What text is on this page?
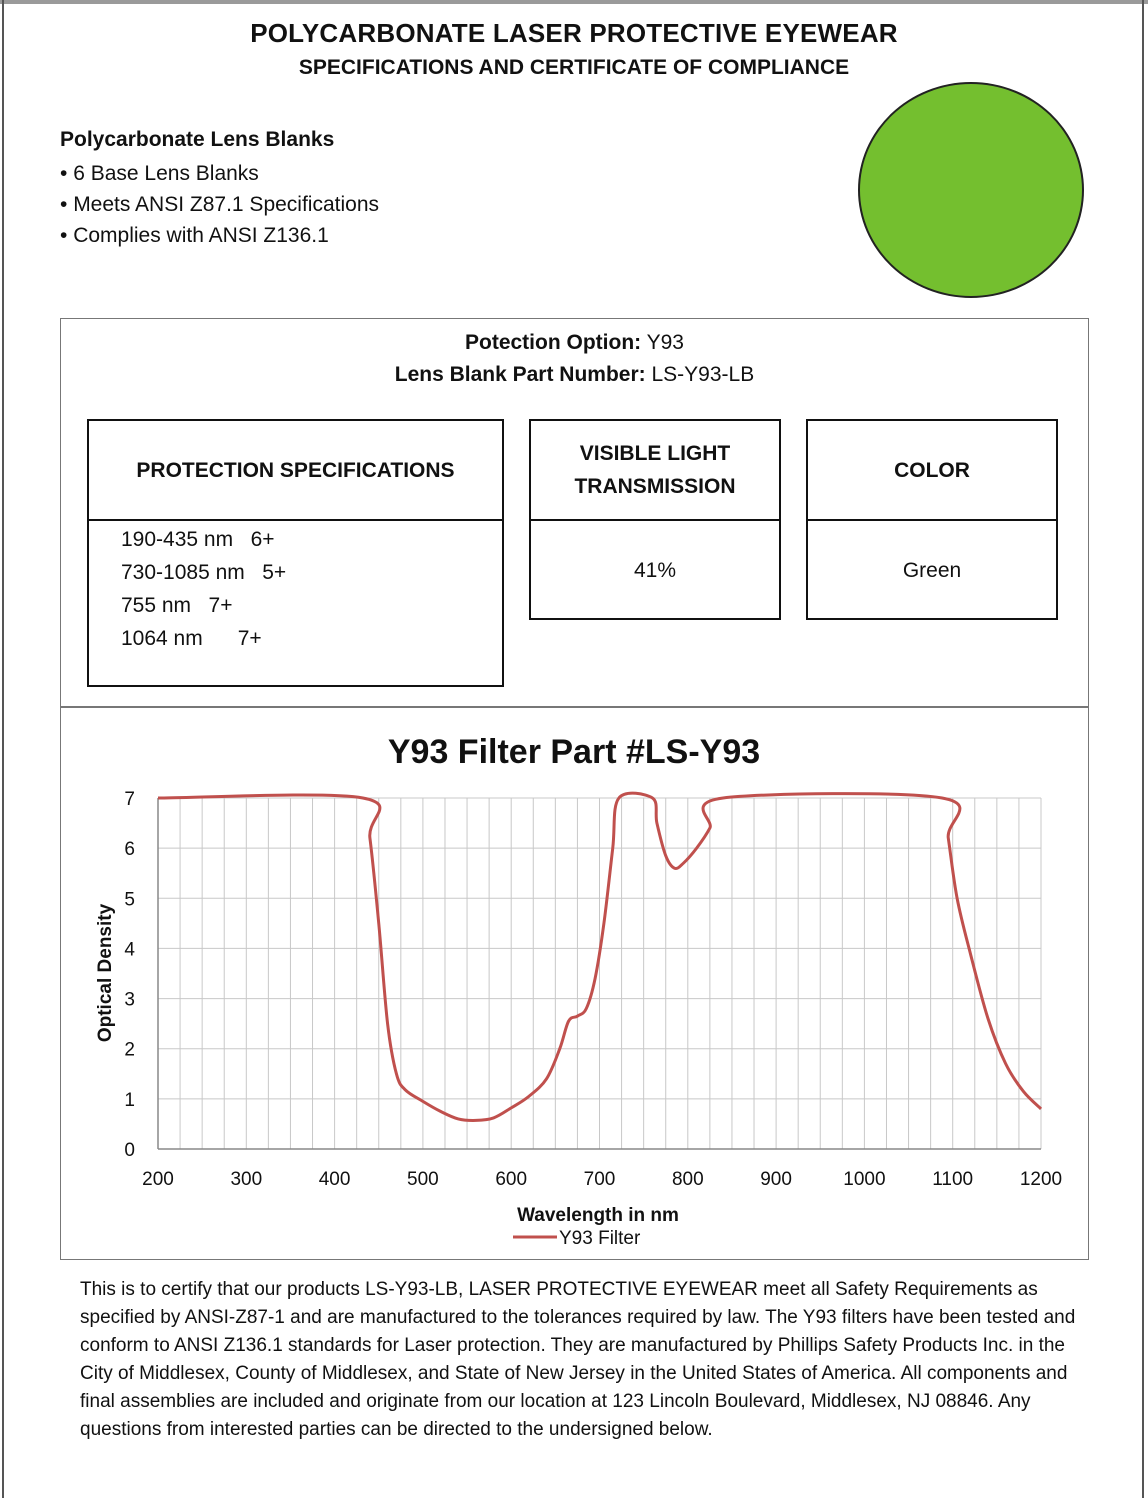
POLYCARBONATE LASER PROTECTIVE EYEWEAR
SPECIFICATIONS AND CERTIFICATE OF COMPLIANCE
Polycarbonate Lens Blanks
• 6 Base Lens Blanks
• Meets ANSI Z87.1 Specifications
• Complies with ANSI Z136.1
Potection Option: Y93
Lens Blank Part Number: LS-Y93-LB
PROTECTION SPECIFICATIONS
190-435 nm   6+
730-1085 nm   5+
755 nm   7+
1064 nm      7+
VISIBLE LIGHT
TRANSMISSION
41%
COLOR
Green
Y93 Filter Part #LS-Y93
200	300	400	500	600	700	800	900	1000 1100 1200
0
1
2
3
4
5
6
7
Optical Density
Wavelength in nm
Y93 Filter

This is to certify that our products LS-Y93-LB, LASER PROTECTIVE EYEWEAR meet all Safety Requirements as specified by ANSI-Z87-1 and are manufactured to the tolerances required by law. The Y93 filters have been tested and conform to ANSI Z136.1 standards for Laser protection. They are manufactured by Phillips Safety Products Inc. in the City of Middlesex, County of Middlesex, and State of New Jersey in the United States of America. All components and final assemblies are included and originate from our location at 123 Lincoln Boulevard, Middlesex, NJ 08846. Any questions from interested parties can be directed to the undersigned below.
